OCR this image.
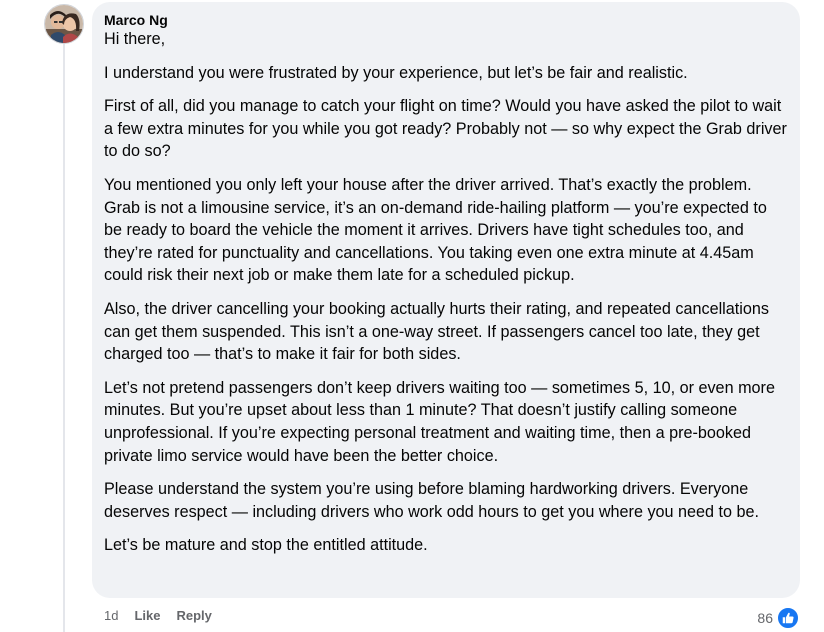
Marco Ng

Hi there,

I understand you were frustrated by your experience, but let’s be fair and realistic.

First of all, did you manage to catch your flight on time? Would you have asked the pilot to wait a few extra minutes for you while you got ready? Probably not — so why expect the Grab driver to do so?

You mentioned you only left your house after the driver arrived. That’s exactly the problem. Grab is not a limousine service, it’s an on-demand ride-hailing platform — you’re expected to be ready to board the vehicle the moment it arrives. Drivers have tight schedules too, and they’re rated for punctuality and cancellations. You taking even one extra minute at 4.45am could risk their next job or make them late for a scheduled pickup.

Also, the driver cancelling your booking actually hurts their rating, and repeated cancellations can get them suspended. This isn’t a one-way street. If passengers cancel too late, they get charged too — that’s to make it fair for both sides.

Let’s not pretend passengers don’t keep drivers waiting too — sometimes 5, 10, or even more minutes. But you’re upset about less than 1 minute? That doesn’t justify calling someone unprofessional. If you’re expecting personal treatment and waiting time, then a pre-booked private limo service would have been the better choice.

Please understand the system you’re using before blaming hardworking drivers. Everyone deserves respect — including drivers who work odd hours to get you where you need to be.

Let’s be mature and stop the entitled attitude.

1d Like Reply	86
